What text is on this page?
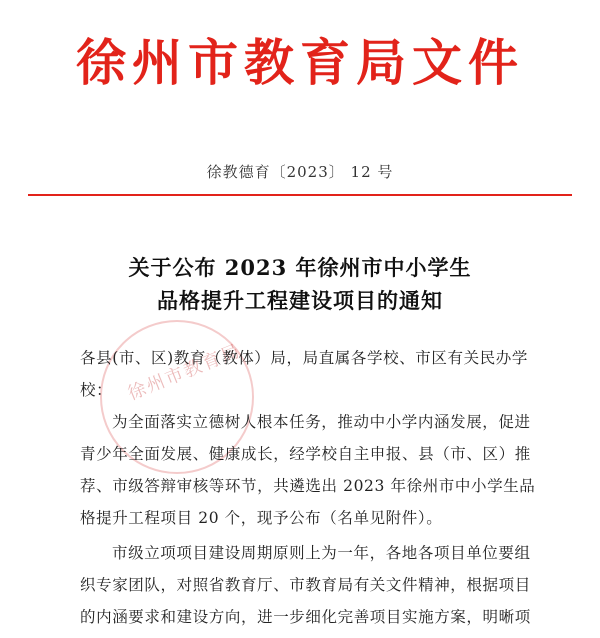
徐州市教育局文件
徐教德育〔2023〕 12 号
关于公布 2023 年徐州市中小学生
品格提升工程建设项目的通知
徐州市教育局
各县(市、区)教育（教体）局，局直属各学校、市区有关民办学
校：
为全面落实立德树人根本任务，推动中小学内涵发展，促进
青少年全面发展、健康成长，经学校自主申报、县（市、区）推
荐、市级答辩审核等环节，共遴选出 2023 年徐州市中小学生品
格提升工程项目 20 个，现予公布（名单见附件）。
市级立项项目建设周期原则上为一年，各地各项目单位要组
织专家团队，对照省教育厅、市教育局有关文件精神，根据项目
的内涵要求和建设方向，进一步细化完善项目实施方案，明晰项
